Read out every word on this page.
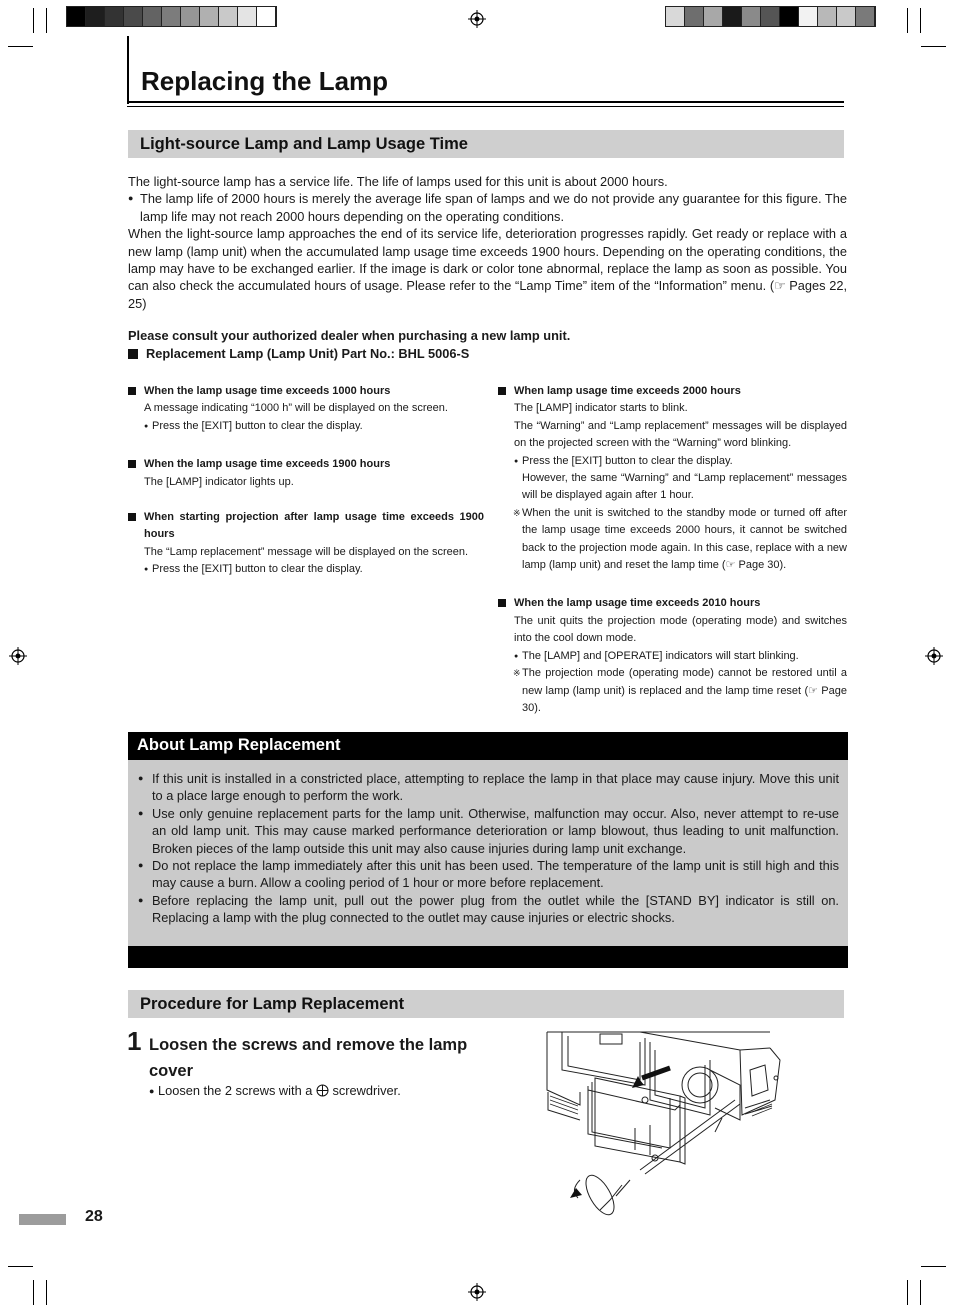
Replacing the Lamp
Light-source Lamp and Lamp Usage Time

The light-source lamp has a service life. The life of lamps used for this unit is about 2000 hours.

● The lamp life of 2000 hours is merely the average life span of lamps and we do not provide any guarantee for this figure. The lamp life may not reach 2000 hours depending on the operating conditions.

When the light-source lamp approaches the end of its service life, deterioration progresses rapidly. Get ready or replace with a new lamp (lamp unit) when the accumulated lamp usage time exceeds 1900 hours. Depending on the operating conditions, the lamp may have to be exchanged earlier. If the image is dark or color tone abnormal, replace the lamp as soon as possible. You can also check the accumulated hours of usage. Please refer to the “Lamp Time” item of the “Information” menu. (☞ Pages 22, 25)

Please consult your authorized dealer when purchasing a new lamp unit.
Replacement Lamp (Lamp Unit) Part No.: BHL 5006-S
When the lamp usage time exceeds 1000 hours
A message indicating “1000 h” will be displayed on the screen.
● Press the [EXIT] button to clear the display.
When the lamp usage time exceeds 1900 hours
The [LAMP] indicator lights up.
When starting projection after lamp usage time exceeds 1900 hours
The “Lamp replacement” message will be displayed on the screen.
● Press the [EXIT] button to clear the display.
When lamp usage time exceeds 2000 hours
The [LAMP] indicator starts to blink.
The “Warning” and “Lamp replacement” messages will be displayed on the projected screen with the “Warning” word blinking.
● Press the [EXIT] button to clear the display.
However, the same “Warning” and “Lamp replacement” messages will be displayed again after 1 hour.
※ When the unit is switched to the standby mode or turned off after the lamp usage time exceeds 2000 hours, it cannot be switched back to the projection mode again. In this case, replace with a new lamp (lamp unit) and reset the lamp time (☞ Page 30).
When the lamp usage time exceeds 2010 hours
The unit quits the projection mode (operating mode) and switches into the cool down mode.
● The [LAMP] and [OPERATE] indicators will start blinking.
※ The projection mode (operating mode) cannot be restored until a new lamp (lamp unit) is replaced and the lamp time reset (☞ Page 30).
About Lamp Replacement

● If this unit is installed in a constricted place, attempting to replace the lamp in that place may cause injury. Move this unit to a place large enough to perform the work.

● Use only genuine replacement parts for the lamp unit. Otherwise, malfunction may occur. Also, never attempt to re-use an old lamp unit. This may cause marked performance deterioration or lamp blowout, thus leading to unit malfunction. Broken pieces of the lamp outside this unit may also cause injuries during lamp unit exchange.

● Do not replace the lamp immediately after this unit has been used. The temperature of the lamp unit is still high and this may cause a burn. Allow a cooling period of 1 hour or more before replacement.

● Before replacing the lamp unit, pull out the power plug from the outlet while the [STAND BY] indicator is still on. Replacing a lamp with the plug connected to the outlet may cause injuries or electric shocks.

Procedure for Lamp Replacement
1 Loosen the screws and remove the lamp cover
● Loosen the 2 screws with a screwdriver.
28
